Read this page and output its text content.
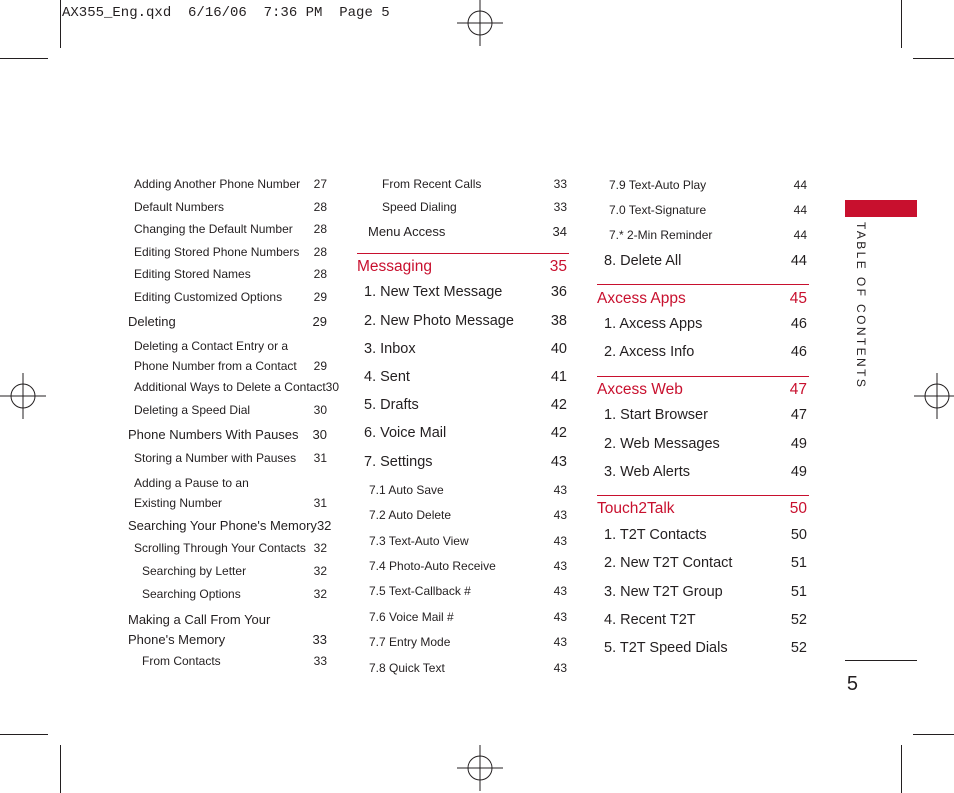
AX355_Eng.qxd  6/16/06  7:36 PM  Page 5
Adding Another Phone Number 27
Default Numbers	28
Changing the Default Number 28
Editing Stored Phone Numbers 28
Editing Stored Names	28
Editing Customized Options	29
Deleting	29
Deleting a Contact Entry or a Phone Number from a Contact	29
Additional Ways to Delete a Contact 30
Deleting a Speed Dial	30
Phone Numbers With Pauses 30
Storing a Number with Pauses 31
Adding a Pause to an Existing Number	31
Searching Your Phone's Memory 32
Scrolling Through Your Contacts 32
Searching by Letter	32
Searching Options	32
Making a Call From Your Phone's Memory	33
From Contacts	33
From Recent Calls	33
Speed Dialing	33
Menu Access	34
Messaging	35
1. New Text Message	36
2. New Photo Message	38
3. Inbox	40
4. Sent	41
5. Drafts	42
6. Voice Mail	42
7. Settings	43
7.1 Auto Save	43
7.2 Auto Delete	43
7.3 Text-Auto View	43
7.4 Photo-Auto Receive	43
7.5 Text-Callback #	43
7.6 Voice Mail #	43
7.7 Entry Mode	43
7.8 Quick Text	43
7.9 Text-Auto Play	44
7.0 Text-Signature	44
7.* 2-Min Reminder	44
8. Delete All	44
Axcess Apps	45
1. Axcess Apps	46
2. Axcess Info	46
Axcess Web	47
1. Start Browser	47
2. Web Messages	49
3. Web Alerts	49
Touch2Talk	50
1. T2T Contacts	50
2. New T2T Contact	51
3. New T2T Group	51
4. Recent T2T	52
5. T2T Speed Dials	52
TABLE OF CONTENTS
5
